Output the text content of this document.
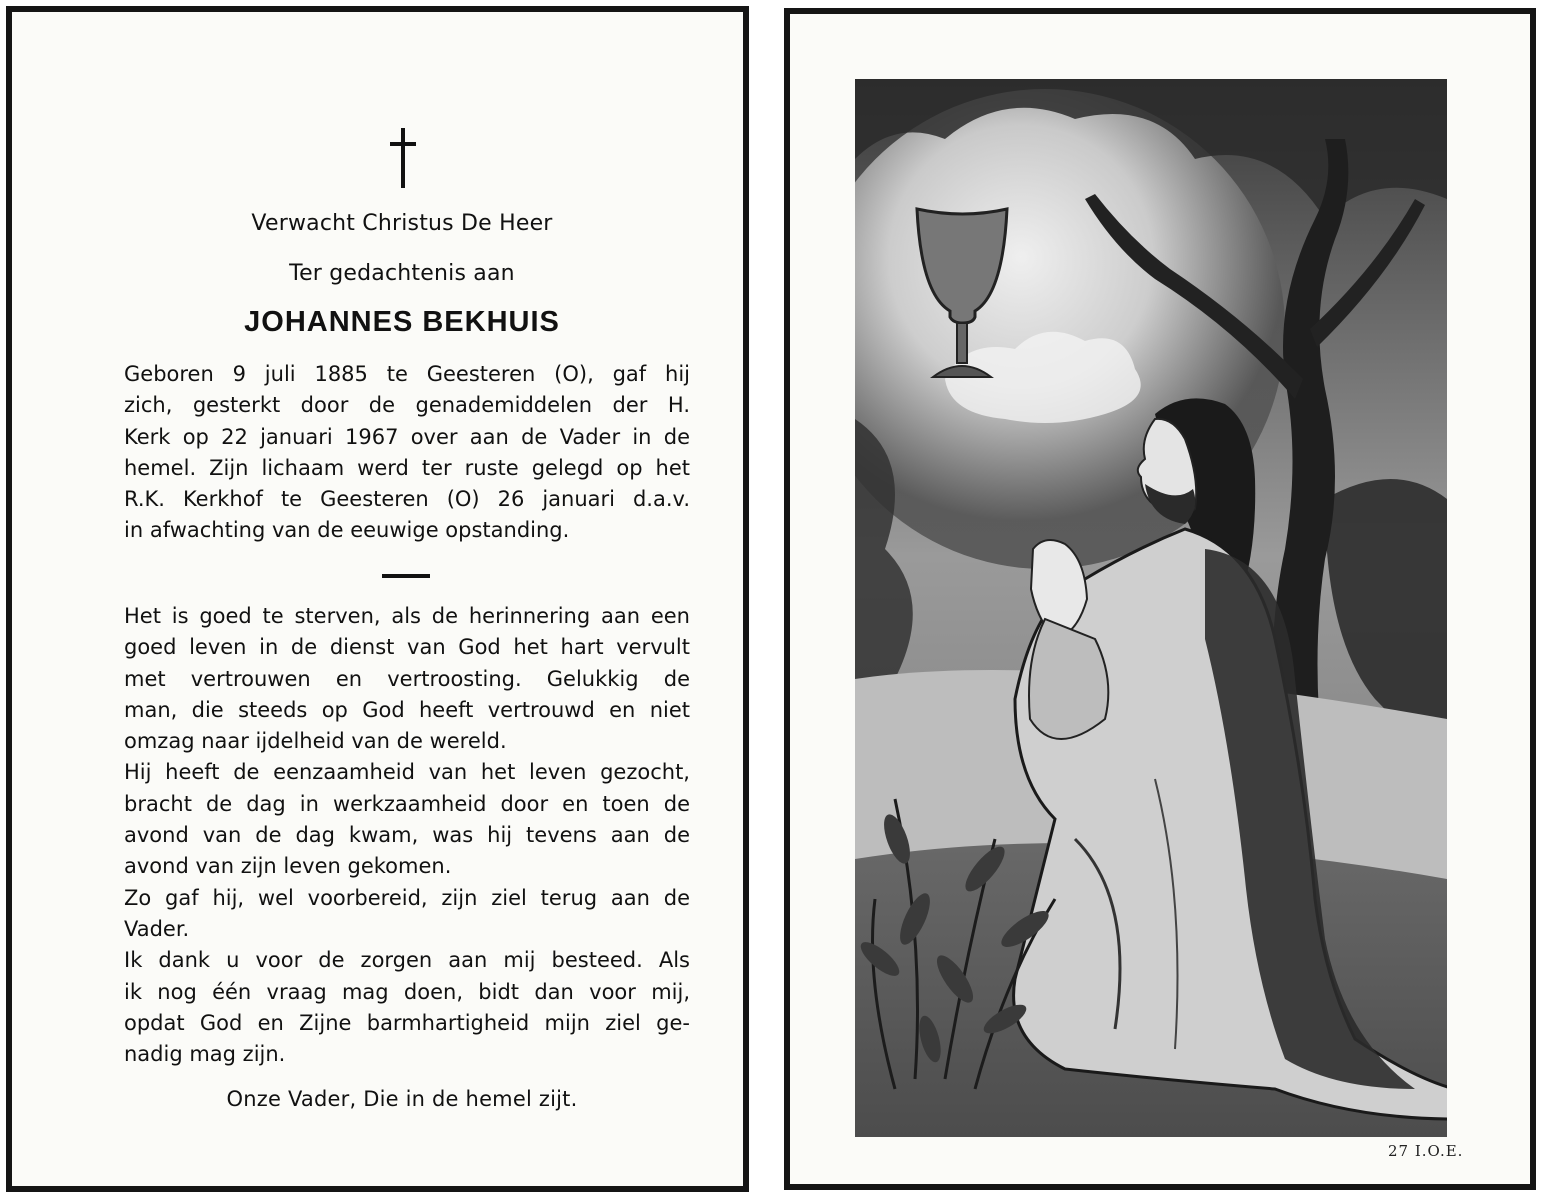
Verwacht Christus De Heer
Ter gedachtenis aan
JOHANNES BEKHUIS

Geboren 9 juli 1885 te Geesteren (O), gaf hij
zich, gesterkt door de genademiddelen der H.
Kerk op 22 januari 1967 over aan de Vader in de
hemel. Zijn lichaam werd ter ruste gelegd op het
R.K. Kerkhof te Geesteren (O) 26 januari d.a.v.
in afwachting van de eeuwige opstanding.

Het is goed te sterven, als de herinnering aan een
goed leven in de dienst van God het hart vervult
met vertrouwen en vertroosting. Gelukkig de
man, die steeds op God heeft vertrouwd en niet
omzag naar ijdelheid van de wereld.
Hij heeft de eenzaamheid van het leven gezocht,
bracht de dag in werkzaamheid door en toen de
avond van de dag kwam, was hij tevens aan de
avond van zijn leven gekomen.
Zo gaf hij, wel voorbereid, zijn ziel terug aan de
Vader.
Ik dank u voor de zorgen aan mij besteed. Als
ik nog één vraag mag doen, bidt dan voor mij,
opdat God en Zijne barmhartigheid mijn ziel ge-
nadig mag zijn.

Onze Vader, Die in de hemel zijt.
27 I.O.E.
